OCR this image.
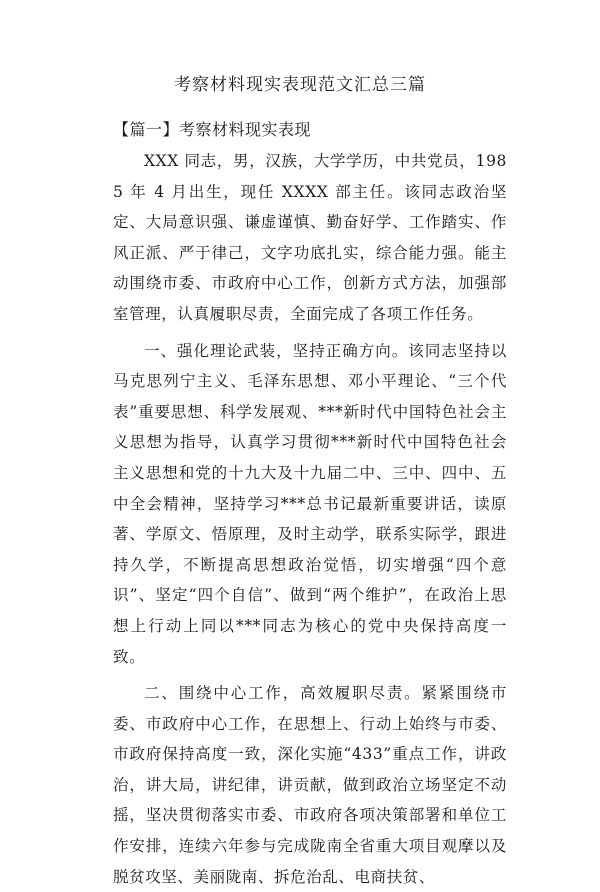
考察材料现实表现范文汇总三篇
【篇一】考察材料现实表现

XXX 同志，男，汉族，大学学历，中共党员，1985 年 4 月出生，现任 XXXX 部主任。该同志政治坚定、大局意识强、谦虚谨慎、勤奋好学、工作踏实、作风正派、严于律己，文字功底扎实，综合能力强。能主动围绕市委、市政府中心工作，创新方式方法，加强部室管理，认真履职尽责，全面完成了各项工作任务。

一、强化理论武装，坚持正确方向。该同志坚持以马克思列宁主义、毛泽东思想、邓小平理论、“三个代表”重要思想、科学发展观、***新时代中国特色社会主义思想为指导，认真学习贯彻***新时代中国特色社会主义思想和党的十九大及十九届二中、三中、四中、五中全会精神，坚持学习***总书记最新重要讲话，读原著、学原文、悟原理，及时主动学，联系实际学，跟进持久学，不断提高思想政治觉悟，切实增强“四个意识”、坚定“四个自信”、做到“两个维护”，在政治上思想上行动上同以***同志为核心的党中央保持高度一致。

二、围绕中心工作，高效履职尽责。紧紧围绕市委、市政府中心工作，在思想上、行动上始终与市委、市政府保持高度一致，深化实施“433”重点工作，讲政治，讲大局，讲纪律，讲贡献，做到政治立场坚定不动摇，坚决贯彻落实市委、市政府各项决策部署和单位工作安排，连续六年参与完成陇南全省重大项目观摩以及脱贫攻坚、美丽陇南、拆危治乱、电商扶贫、
